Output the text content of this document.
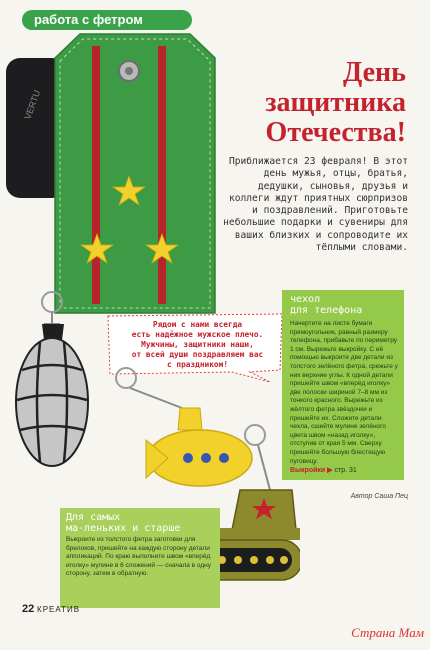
работа с фетром
VERTU
День
защитника
Отечества!
Приближается 23 февраля! В этот день мужья, отцы, братья, дедушки, сыновья, друзья и коллеги ждут приятных сюрпризов и поздравлений. Приготовьте небольшие подарки и сувениры для ваших близких и сопроводите их тёплыми словами.
Рядом с нами всегда
есть надёжное мужское плечо.
Мужчины, защитники наши,
от всей души поздравляем вас
с праздником!
чехол
для телефона
Начертите на листе бумаги прямоугольник, равный размеру телефона, прибавьте по периметру 1 см. Вырежьте выкройку. С её помощью выкроите две детали из толстого зелёного фетра, срежьте у них верхние углы. К одной детали пришейте швом «вперёд иголку» две полоски шириной 7–8 мм из тонкого красного. Вырежьте из жёлтого фетра звёздочки и пришейте их. Сложите детали чехла, сшейте мулине зелёного цвета швом «назад иголку», отступив от края 5 мм. Сверху пришейте большую блестящую пуговицу.
Выкройки ▶ стр. 31
Автор Саша Пец
Для самых
ма-леньких и старше
Выкроите из толстого фетра заготовки для брелоков, пришейте на каждую сторону детали аппликаций. По краю выполните швом «вперёд иголку» мулине в 6 сложений — сначала в одну сторону, затем в обратную.
22 КРЕАТИВ
Страна Мам
